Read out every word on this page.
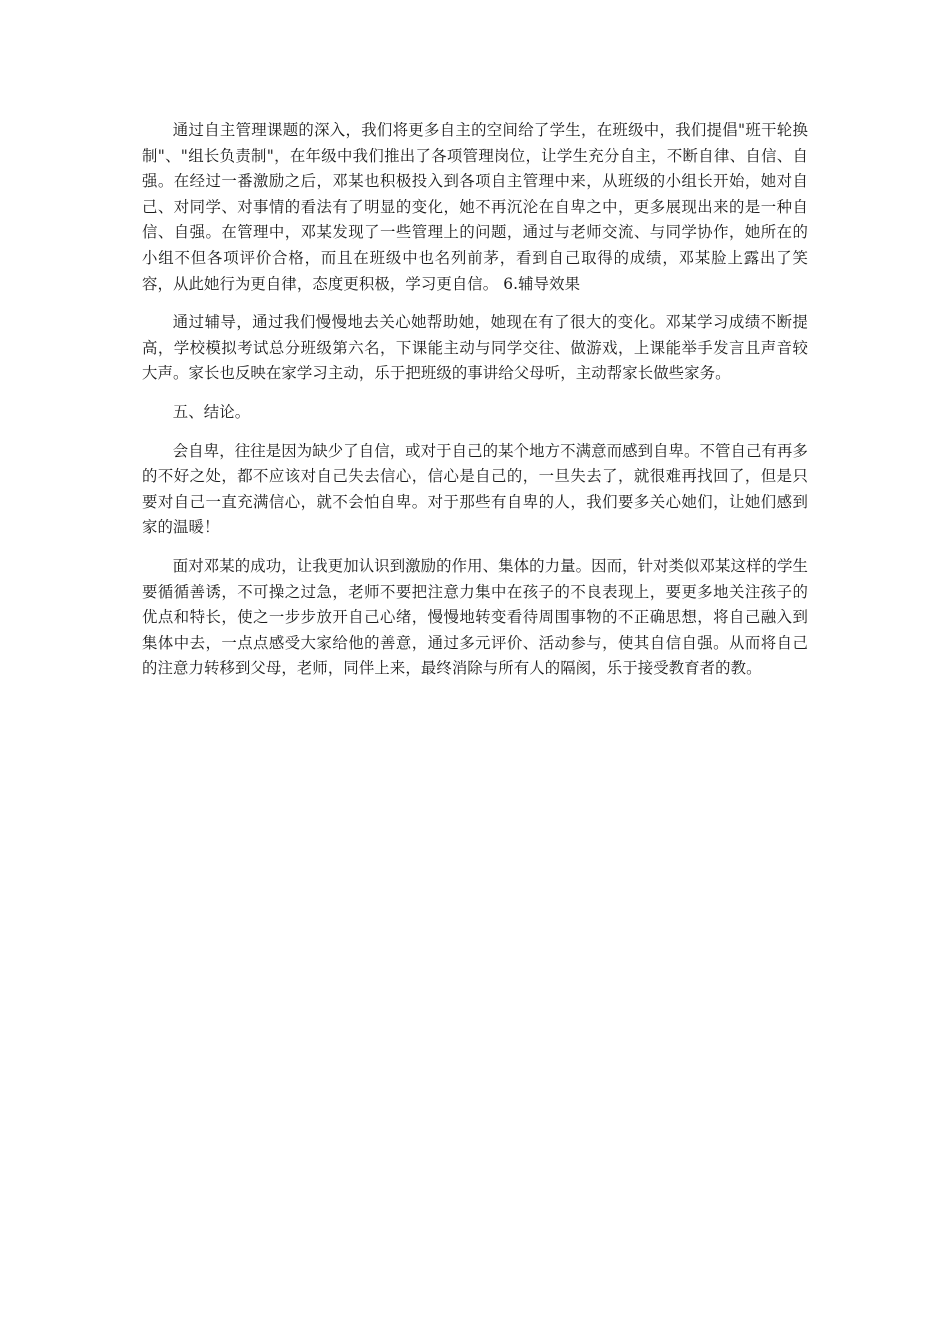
通过自主管理课题的深入，我们将更多自主的空间给了学生，在班级中，我们提倡"班干轮换制"、"组长负责制"，在年级中我们推出了各项管理岗位，让学生充分自主，不断自律、自信、自强。在经过一番激励之后，邓某也积极投入到各项自主管理中来，从班级的小组长开始，她对自己、对同学、对事情的看法有了明显的变化，她不再沉沦在自卑之中，更多展现出来的是一种自信、自强。在管理中，邓某发现了一些管理上的问题，通过与老师交流、与同学协作，她所在的小组不但各项评价合格，而且在班级中也名列前茅，看到自己取得的成绩，邓某脸上露出了笑容，从此她行为更自律，态度更积极，学习更自信。 6.辅导效果

通过辅导，通过我们慢慢地去关心她帮助她，她现在有了很大的变化。邓某学习成绩不断提高，学校模拟考试总分班级第六名，下课能主动与同学交往、做游戏，上课能举手发言且声音较大声。家长也反映在家学习主动，乐于把班级的事讲给父母听，主动帮家长做些家务。

五、结论。

会自卑，往往是因为缺少了自信，或对于自己的某个地方不满意而感到自卑。不管自己有再多的不好之处，都不应该对自己失去信心，信心是自己的，一旦失去了，就很难再找回了，但是只要对自己一直充满信心，就不会怕自卑。对于那些有自卑的人，我们要多关心她们，让她们感到家的温暖！

面对邓某的成功，让我更加认识到激励的作用、集体的力量。因而，针对类似邓某这样的学生要循循善诱，不可操之过急，老师不要把注意力集中在孩子的不良表现上，要更多地关注孩子的优点和特长，使之一步步放开自己心绪，慢慢地转变看待周围事物的不正确思想，将自己融入到集体中去，一点点感受大家给他的善意，通过多元评价、活动参与，使其自信自强。从而将自己的注意力转移到父母，老师，同伴上来，最终消除与所有人的隔阂，乐于接受教育者的教。
